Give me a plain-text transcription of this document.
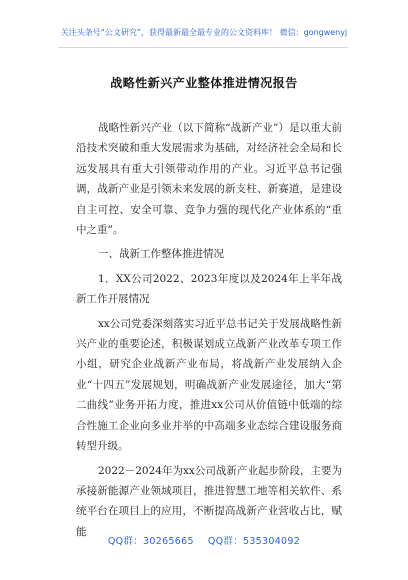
关注头条号“公文研究”，获得最新最全最专业的公文资料库！ 微信：gongwenyj
战略性新兴产业整体推进情况报告

战略性新兴产业（以下简称“战新产业”）是以重大前沿技术突破和重大发展需求为基础，对经济社会全局和长远发展具有重大引领带动作用的产业。习近平总书记强调，战新产业是引领未来发展的新支柱、新赛道，是建设自主可控、安全可靠、竞争力强的现代化产业体系的“重中之重”。

一、战新工作整体推进情况

1．XX公司2022、2023年度以及2024年上半年战新工作开展情况

xx公司党委深刻落实习近平总书记关于发展战略性新兴产业的重要论述，积极谋划成立战新产业改革专项工作小组，研究企业战新产业布局，将战新产业发展纳入企业“十四五”发展规划，明确战新产业发展途径，加大“第二曲线”业务开拓力度，推进xx公司从价值链中低端的综合性施工企业向多业并举的中高端多业态综合建设服务商转型升级。

2022－2024年为xx公司战新产业起步阶段，主要为承接新能源产业领域项目，推进智慧工地等相关软件、系统平台在项目上的应用，不断提高战新产业营收占比，赋能

QQ群：30265665 QQ群：535304092
